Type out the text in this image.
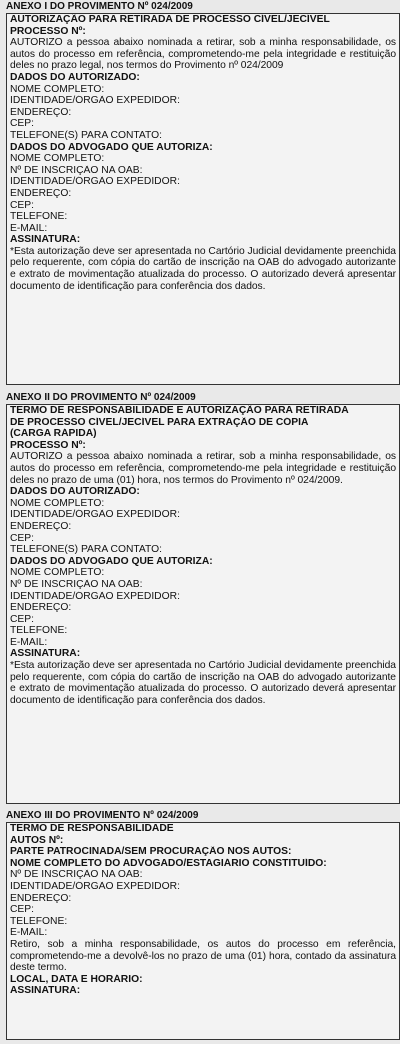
ANEXO I DO PROVIMENTO Nº 024/2009
AUTORIZAÇÃO PARA RETIRADA DE PROCESSO CÍVEL/JECÍVEL
PROCESSO Nº:

AUTORIZO a pessoa abaixo nominada a retirar, sob a minha responsabilidade, os autos do processo em referência, comprometendo-me pela integridade e restituição deles no prazo legal, nos termos do Provimento nº 024/2009

DADOS DO AUTORIZADO:
NOME COMPLETO:
IDENTIDADE/ÓRGÃO EXPEDIDOR:
ENDEREÇO:
CEP:
TELEFONE(S) PARA CONTATO:
DADOS DO ADVOGADO QUE AUTORIZA:
NOME COMPLETO:
Nº DE INSCRIÇÃO NA OAB:
IDENTIDADE/ÓRGÃO EXPEDIDOR:
ENDEREÇO:
CEP:
TELEFONE:
E-MAIL:
ASSINATURA:

*Esta autorização deve ser apresentada no Cartório Judicial devidamente preenchida pelo requerente, com cópia do cartão de inscrição na OAB do advogado autorizante e extrato de movimentação atualizada do processo. O autorizado deverá apresentar documento de identificação para conferência dos dados.

ANEXO II DO PROVIMENTO Nº 024/2009
TERMO DE RESPONSABILIDADE E AUTORIZAÇÃO PARA RETIRADA
DE PROCESSO CÍVEL/JECÍVEL PARA EXTRAÇÃO DE CÓPIA
(CARGA RÁPIDA)
PROCESSO Nº:

AUTORIZO a pessoa abaixo nominada a retirar, sob a minha responsabilidade, os autos do processo em referência, comprometendo-me pela integridade e restituição deles no prazo de uma (01) hora, nos termos do Provimento nº 024/2009.

DADOS DO AUTORIZADO:
NOME COMPLETO:
IDENTIDADE/ÓRGÃO EXPEDIDOR:
ENDEREÇO:
CEP:
TELEFONE(S) PARA CONTATO:
DADOS DO ADVOGADO QUE AUTORIZA:
NOME COMPLETO:
Nº DE INSCRIÇÃO NA OAB:
IDENTIDADE/ÓRGÃO EXPEDIDOR:
ENDEREÇO:
CEP:
TELEFONE:
E-MAIL:
ASSINATURA:

*Esta autorização deve ser apresentada no Cartório Judicial devidamente preenchida pelo requerente, com cópia do cartão de inscrição na OAB do advogado autorizante e extrato de movimentação atualizada do processo. O autorizado deverá apresentar documento de identificação para conferência dos dados.

ANEXO III DO PROVIMENTO Nº 024/2009
TERMO DE RESPONSABILIDADE
AUTOS Nº:
PARTE PATROCINADA/SEM PROCURAÇÃO NOS AUTOS:
NOME COMPLETO DO ADVOGADO/ESTAGIÁRIO CONSTITUÍDO:
Nº DE INSCRIÇÃO NA OAB:
IDENTIDADE/ÓRGÃO EXPEDIDOR:
ENDEREÇO:
CEP:
TELEFONE:
E-MAIL:

Retiro, sob a minha responsabilidade, os autos do processo em referência, comprometendo-me a devolvê-los no prazo de uma (01) hora, contado da assinatura deste termo.

LOCAL, DATA E HORÁRIO:
ASSINATURA:
